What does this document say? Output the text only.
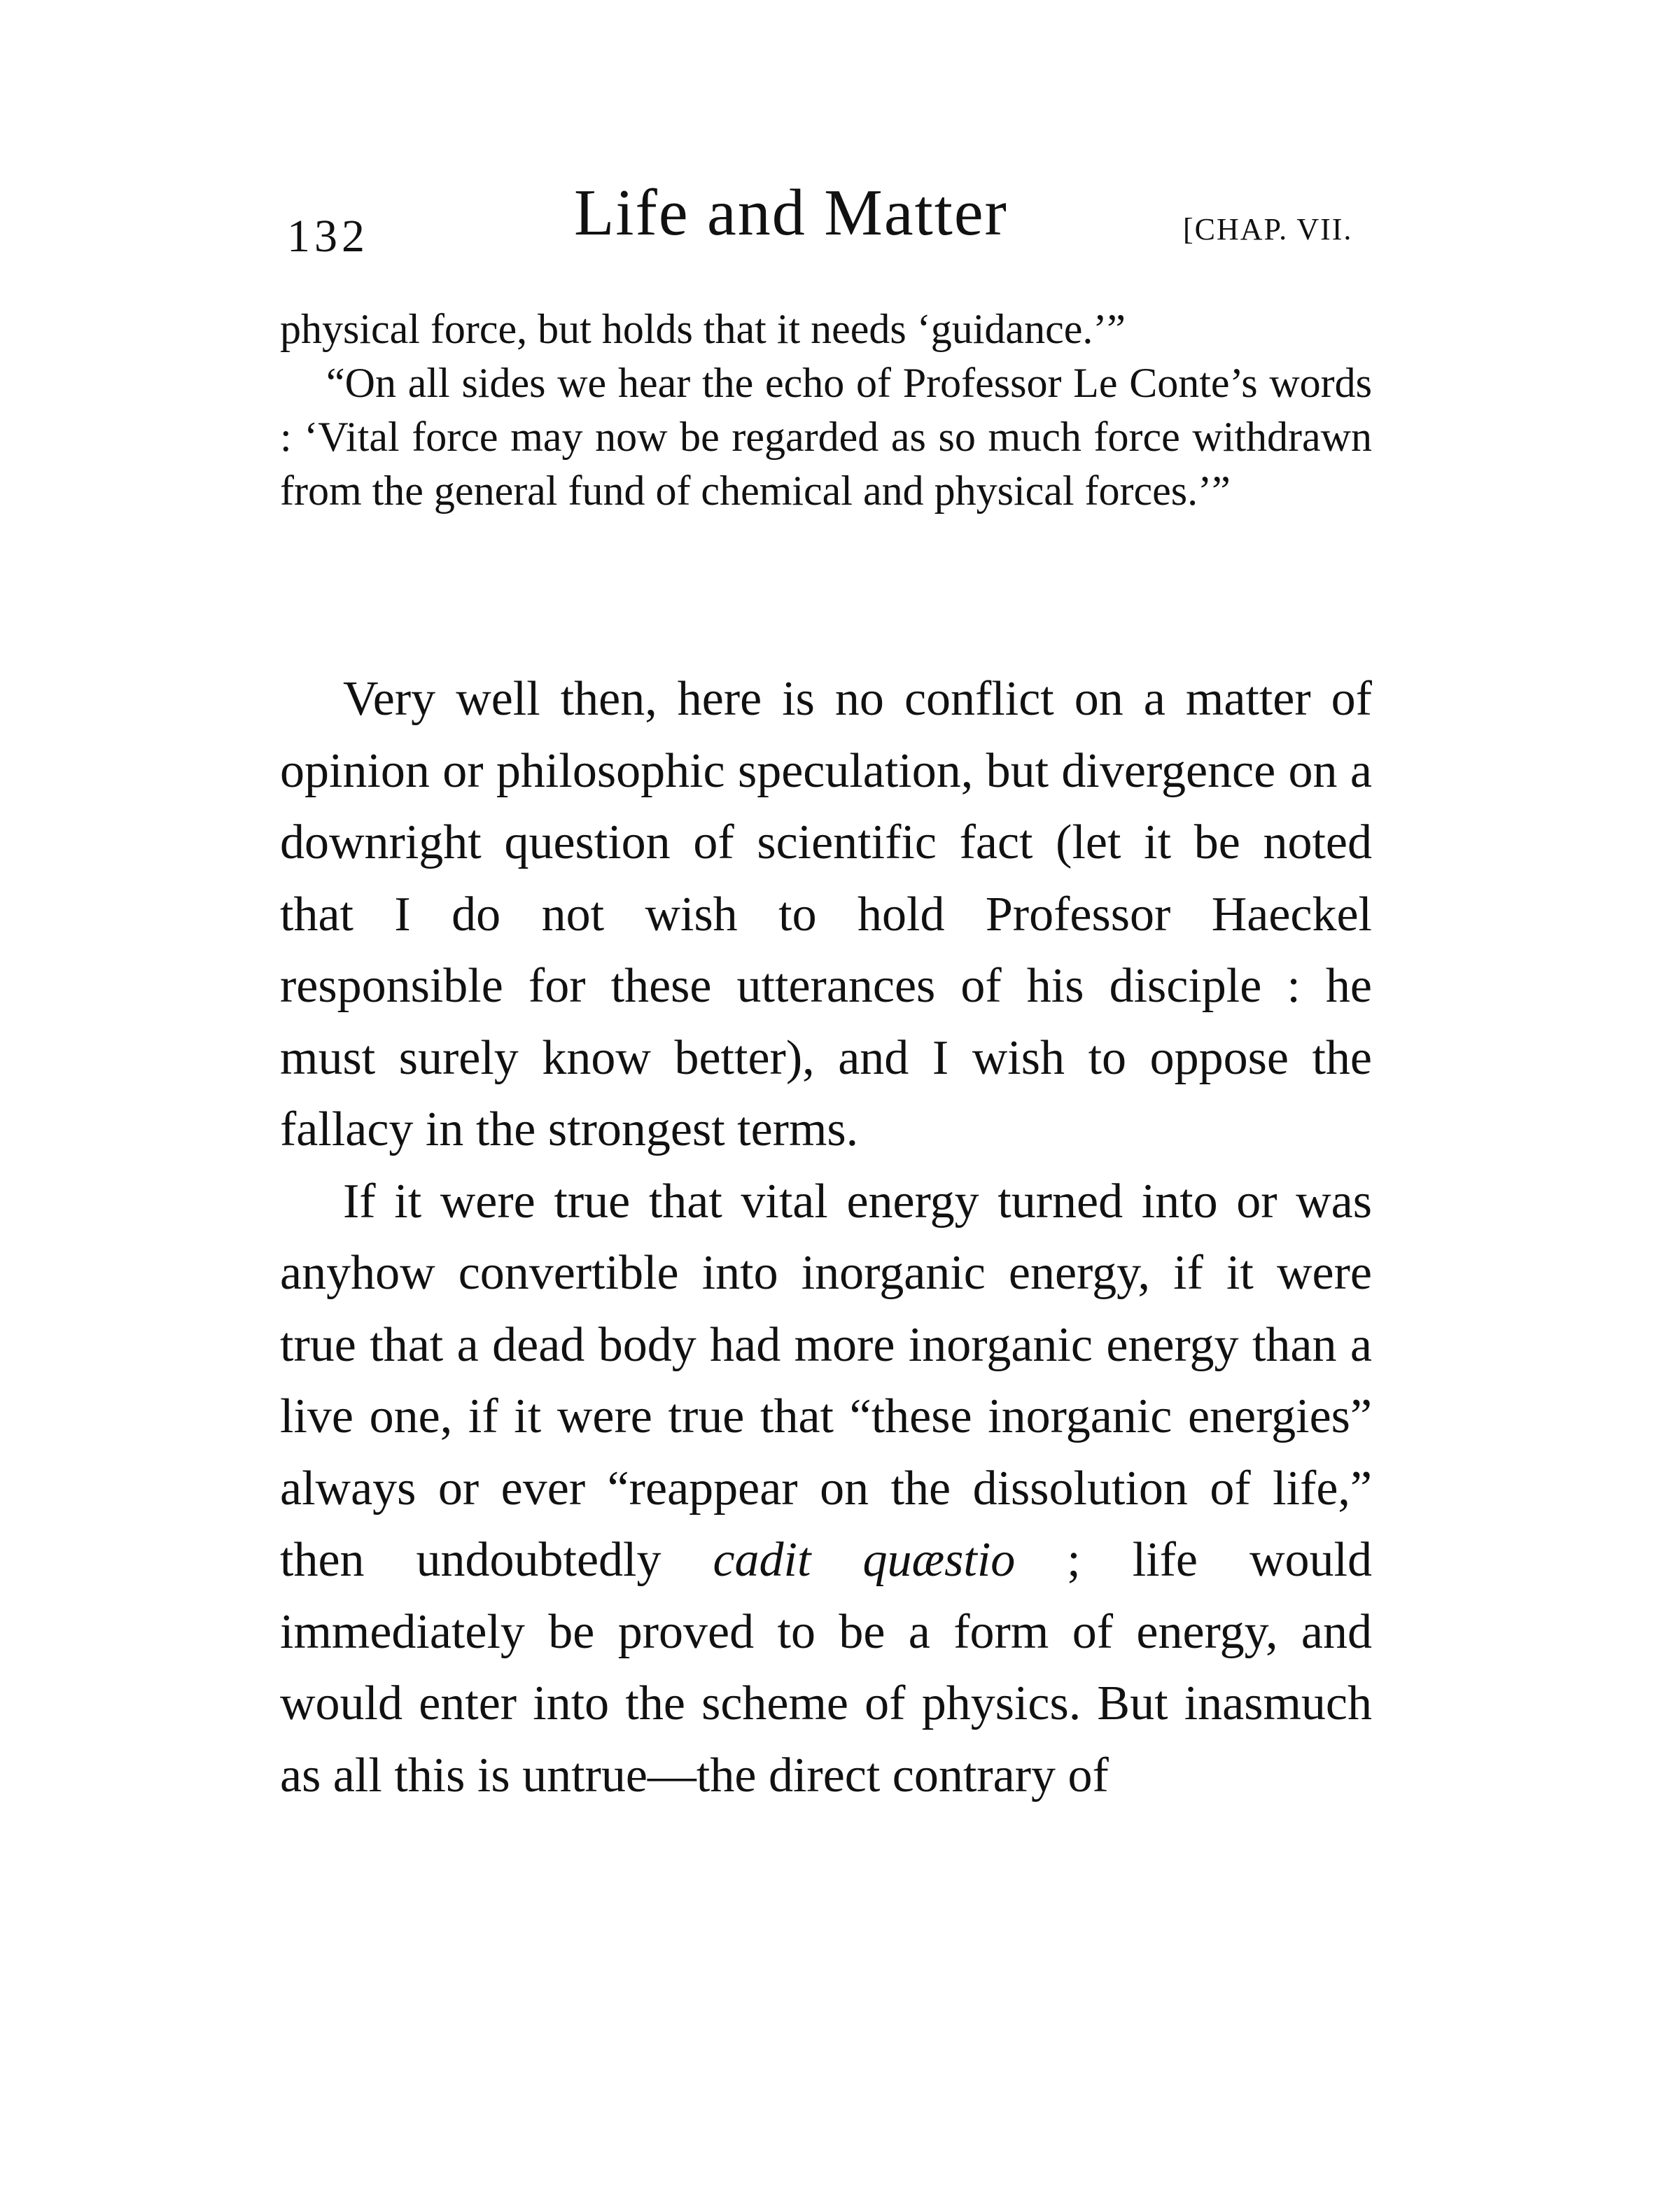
132	Life and Matter	[CHAP. VII.

physical force, but holds that it needs ‘guidance.’”

“On all sides we hear the echo of Professor Le Conte’s words : ‘Vital force may now be regarded as so much force withdrawn from the general fund of chemical and physical forces.’”

Very well then, here is no conflict on a matter of opinion or philosophic speculation, but divergence on a downright question of scientific fact (let it be noted that I do not wish to hold Professor Haeckel responsible for these utterances of his disciple : he must surely know better), and I wish to oppose the fallacy in the strongest terms.

If it were true that vital energy turned into or was anyhow convertible into inorganic energy, if it were true that a dead body had more inorganic energy than a live one, if it were true that “these inorganic energies” always or ever “reappear on the dissolution of life,” then undoubtedly cadit quæstio ; life would immediately be proved to be a form of energy, and would enter into the scheme of physics. But inasmuch as all this is untrue—the direct contrary of
